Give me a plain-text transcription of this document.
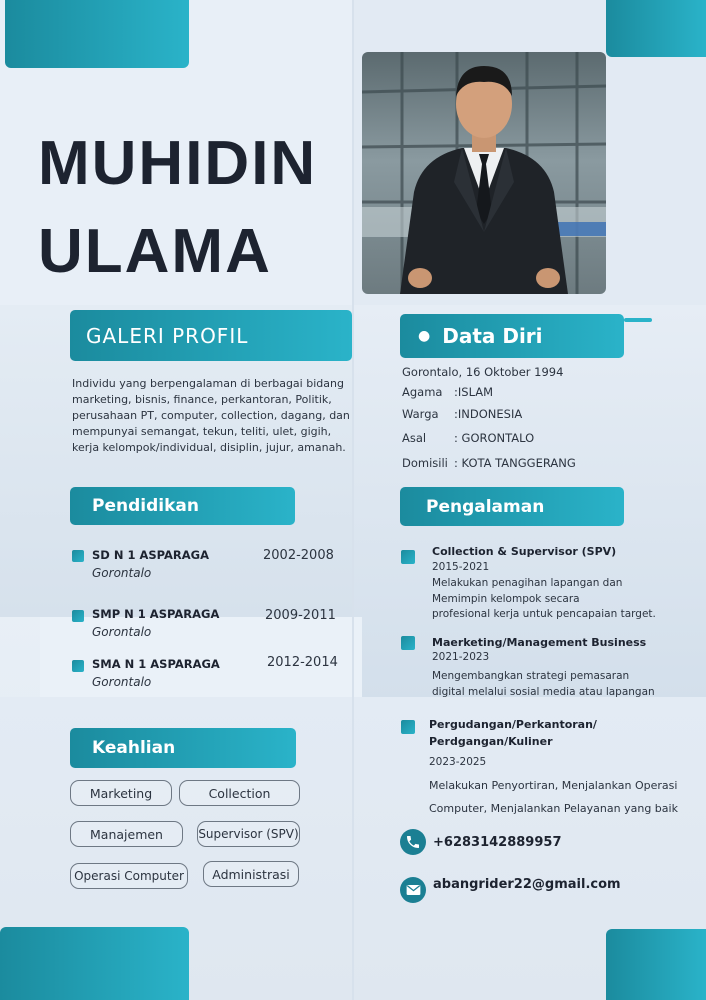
MUHIDIN
ULAMA
GALERI PROFIL
Individu yang berpengalaman di berbagai bidang marketing, bisnis, finance, perkantoran, Politik, perusahaan PT, computer, collection, dagang, dan mempunyai semangat, tekun, teliti, ulet, gigih, kerja kelompok/individual, disiplin, jujur, amanah.
● Data Diri
Gorontalo, 16 Oktober 1994
Agama :ISLAM
Warga :INDONESIA
Asal : GORONTALO
Domisili : KOTA TANGGERANG
Pendidikan
SD N 1 ASPARAGA
Gorontalo
2002-2008
SMP N 1 ASPARAGA
Gorontalo
2009-2011
SMA N 1 ASPARAGA
Gorontalo
2012-2014
Pengalaman
Collection & Supervisor (SPV)
2015-2021
Melakukan penagihan lapangan dan
Memimpin kelompok secara
profesional kerja untuk pencapaian target.
Maerketing/Management Business
2021-2023
Mengembangkan strategi pemasaran
digital melalui sosial media atau lapangan
Pergudangan/Perkantoran/
Perdgangan/Kuliner
2023-2025
Melakukan Penyortiran, Menjalankan Operasi
Computer, Menjalankan Pelayanan yang baik
Keahlian
Marketing	Collection
Manajemen	Supervisor (SPV)
Operasi Computer	Administrasi
+6283142889957
abangrider22@gmail.com
